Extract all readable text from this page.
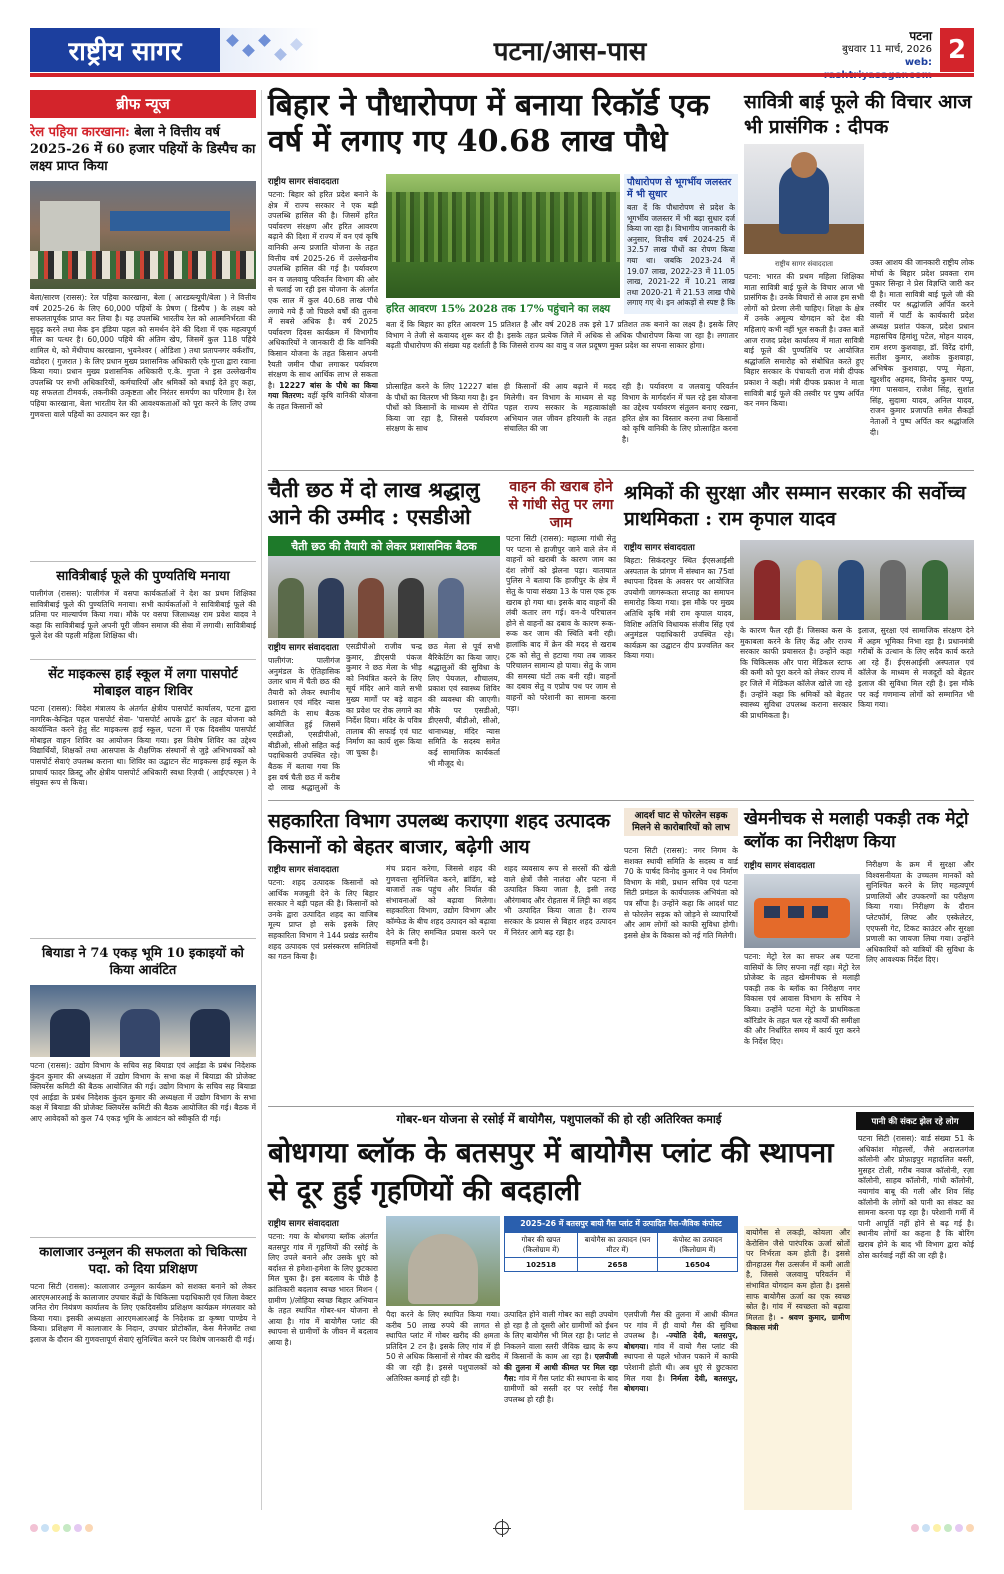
राष्ट्रीय सागर	पटना/आस-पास
पटना
बुधवार 11 मार्च, 2026
web: 2
ब्रीफ न्यूज
रेल पहिया कारखाना: बेला ने वित्तीय वर्ष 2025-26 में 60 हजार पहियों के डिस्पैच का लक्ष्य प्राप्त किया
बेला/सारण (रासस): रेल पहिया कारखाना, बेला ( आरडब्ल्यूपी/बेला ) ने वित्तीय वर्ष 2025-26 के लिए 60,000 पहियों के प्रेषण ( डिस्पैच ) के लक्ष्य को सफलतापूर्वक प्राप्त कर लिया है। यह उपलब्धि भारतीय रेल को आत्मनिर्भरता की सुदृढ़ करने तथा मेक इन इंडिया पहल को समर्थन देने की दिशा में एक महत्वपूर्ण मील का पत्थर है। 60,000 पहिये की अंतिम खेप, जिसमें कुल 118 पहिये शामिल थे, को मेंथीपाथ कारखाना, भुवनेश्वर ( ओडिशा ) तथा प्रतापनगर वर्कशॉप, वडोदरा ( गुजरात ) के लिए प्रधान मुख्य प्रशासनिक अधिकारी एके गुप्ता द्वारा रवाना किया गया। प्रधान मुख्य प्रशासनिक अधिकारी ए.के. गुप्ता ने इस उल्लेखनीय उपलब्धि पर सभी अधिकारियों, कर्मचारियों और श्रमिकों को बधाई देते हुए कहा, यह सफलता टीमवर्क, तकनीकी उत्कृष्टता और निरंतर समर्पण का परिणाम है। रेल पहिया कारखाना, बेला भारतीय रेल की आवश्यकताओं को पूरा करने के लिए उच्च गुणवत्ता वाले पहियों का उत्पादन कर रहा है।
सावित्रीबाई फूले की पुण्यतिथि मनाया
पालीगंज (रासस): पालीगंज में वसपा कार्यकर्ताओं ने देश का प्रथम शिक्षिका सावित्रीबाई फूले की पुण्यतिथि मनाया। सभी कार्यकर्ताओं ने सावित्रीबाई फूले की प्रतिमा पर माल्यार्पण किया गया। मौके पर वसपा जिलाध्यक्ष राम प्रवेश यादव ने कहा कि सावित्रीबाई फूले अपनी पूरी जीवन समाज की सेवा में लगायी। सावित्रीबाई फूले देश की पहली महिला शिक्षिका थी।
सेंट माइकल्स हाई स्कूल में लगा पासपोर्ट मोबाइल वाहन शिविर
पटना (रासस): विदेश मंत्रालय के अंतर्गत क्षेत्रीय पासपोर्ट कार्यालय, पटना द्वारा नागरिक-केन्द्रित पहल पासपोर्ट सेवा- 'पासपोर्ट आपके द्वार' के तहत योजना को कार्यान्वित करने हेतु सेंट माइकल्स हाई स्कूल, पटना में एक दिवसीय पासपोर्ट मोबाइल वाहन शिविर का आयोजन किया गया। इस विशेष शिविर का उद्देश्य विद्यार्थियों, शिक्षकों तथा आसपास के शैक्षणिक संस्थानों से जुड़े अभिभावकों को पासपोर्ट सेवाएं उपलब्ध कराना था। शिविर का उद्घाटन सेंट माइकल्स हाई स्कूल के प्राचार्य फादर क्रिस्टू और क्षेत्रीय पासपोर्ट अधिकारी स्वधा रिज़वी ( आईएफएस ) ने संयुक्त रूप से किया।
बियाडा ने 74 एकड़ भूमि 10 इकाइयों को किया आवंटित
पटना (रासस): उद्योग विभाग के सचिव सह बियाडा एवं आईडा के प्रबंध निदेशक कुंदन कुमार की अध्यक्षता में उद्योग विभाग के सभा कक्ष में बियाडा की प्रोजेक्ट क्लियरेंस कमिटी की बैठक आयोजित की गई। उद्योग विभाग के सचिव सह बियाडा एवं आईडा के प्रबंध निदेशक कुंदन कुमार की अध्यक्षता में उद्योग विभाग के सभा कक्ष में बियाडा की प्रोजेक्ट क्लियरेंस कमिटी की बैठक आयोजित की गई। बैठक में आए आवेदकों को कुल 74 एकड़ भूमि के आवंटन को स्वीकृति दी गई।
कालाजार उन्मूलन की सफलता को चिकित्सा पदा. को दिया प्रशिक्षण
पटना सिटी (रासस): कालाजार उन्मूलन कार्यक्रम को सशक्त बनाने को लेकर आरएमआरआई के कालाजार उपचार केंद्रों के चिकित्सा पदाधिकारी एवं जिला वेक्टर जनित रोग नियंत्रण कार्यालय के लिए एकदिवसीय प्रशिक्षण कार्यक्रम मंगलवार को किया गया। इसकी अध्यक्षता आरएमआरआई के निदेशक डा कृष्णा पाण्डेय ने किया। प्रशिक्षण में कालाजार के निदान, उपचार प्रोटोकॉल, केस मैनेजमेंट तथा इलाज के दौरान की गुणवत्तापूर्ण सेवाएं सुनिश्चित करने पर विशेष जानकारी दी गई।
बिहार ने पौधारोपण में बनाया रिकॉर्ड एक वर्ष में लगाए गए 40.68 लाख पौधे
राष्ट्रीय सागर संवाददाता
पटना: बिहार को हरित प्रदेश बनाने के क्षेत्र में राज्य सरकार ने एक बड़ी उपलब्धि हासिल की है। जिसमें हरित पर्यावरण संरक्षण और हरित आवरण बढ़ाने की दिशा में राज्य में वन एवं कृषि वानिकी अन्य प्रजाति योजना के तहत वित्तीय वर्ष 2025-26 में उल्लेखनीय उपलब्धि हासिल की गई है। पर्यावरण वन व जलवायु परिवर्तन विभाग की ओर से चलाई जा रही इस योजना के अंतर्गत एक साल में कुल 40.68 लाख पौधे लगाये गये हैं जो पिछले वर्षों की तुलना में सबसे अधिक है। वर्ष 2025 पर्यावरण दिवस कार्यक्रम में विभागीय अधिकारियों ने जानकारी दी कि वानिकी किसान योजना के तहत किसान अपनी रैयती जमीन पौधा लगाकर पर्यावरण संरक्षण के साथ आर्थिक लाभ ले सकता है। 12227 बांस के पौधे का किया गया वितरण: वहीं कृषि वानिकी योजना के तहत किसानों को
हरित आवरण 15% 2028 तक 17% पहुंचाने का लक्ष्य
बता दें कि बिहार का हरित आवरण 15 प्रतिशत है और वर्ष 2028 तक इसे 17 प्रतिशत तक बनाने का लक्ष्य है। इसके लिए विभाग ने तेजी से कवायद शुरू कर दी है। इसके तहत प्रत्येक जिले में अधिक से अधिक पौधारोपण किया जा रहा है। लगातार बढ़ती पौधारोपण की संख्या यह दर्शाती है कि जिससे राज्य का वायु व जल प्रदूषण मुक्त प्रदेश का सपना साकार होगा।
प्रोत्साहित करने के लिए 12227 बांस के पौधों का वितरण भी किया गया है। इन पौधों को किसानों के माध्यम से रोपित किया जा रहा है, जिससे पर्यावरण संरक्षण के साथ
ही किसानों की आय बढ़ाने में मदद मिलेगी। वन विभाग के माध्यम से यह पहल राज्य सरकार के महत्वाकांक्षी अभियान जल जीवन हरियाली के तहत संचालित की जा
रही है। पर्यावरण व जलवायु परिवर्तन विभाग के मार्गदर्शन में चल रहे इस योजना का उद्देश्य पर्यावरण संतुलन बनाए रखना, हरित क्षेत्र का विस्तार करना तथा किसानों को कृषि वानिकी के लिए प्रोत्साहित करना है।
पौधारोपण से भूगर्भीय जलस्तर में भी सुधार
बता दें कि पौधारोपण से प्रदेश के भूगर्भीय जलस्तर में भी बढ़ा सुधार दर्ज किया जा रहा है। विभागीय जानकारी के अनुसार, वित्तीय वर्ष 2024-25 में 32.57 लाख पौधों का रोपण किया गया था। जबकि 2023-24 में 19.07 लाख, 2022-23 में 11.05 लाख, 2021-22 में 10.21 लाख तथा 2020-21 में 21.53 लाख पौधे लगाए गए थे। इन आंकड़ों से स्पष्ट है कि
सावित्री बाई फूले की विचार आज भी प्रासंगिक : दीपक
राष्ट्रीय सागर संवाददाता
पटना: भारत की प्रथम महिला शिक्षिका माता सावित्री बाई फूले के विचार आज भी प्रासंगिक है। उनके विचारों से आज हम सभी लोगों को प्रेरणा लेनी चाहिए। शिक्षा के क्षेत्र में उनके अमूल्य योगदान को देश की महिलाएं कभी नहीं भूल सकती है। उक्त बातें आज राजद प्रदेश कार्यालय में माता सावित्री बाई फूले की पुण्यतिथि पर आयोजित श्रद्धांजलि समारोह को संबोधित करते हुए बिहार सरकार के पंचायती राज मंत्री दीपक प्रकाश ने कही। मंत्री दीपक प्रकाश ने माता सावित्री बाई फूले की तस्वीर पर पुष्प अर्पित कर नमन किया।
उक्त आशय की जानकारी राष्ट्रीय लोक मोर्चा के बिहार प्रदेश प्रवक्ता राम पुकार सिन्हा ने प्रेस विज्ञप्ति जारी कर दी है। माता सावित्री बाई फूले जी की तस्वीर पर श्रद्धांजलि अर्पित करने वालों में पार्टी के कार्यकारी प्रदेश अध्यक्ष प्रशांत पंकज, प्रदेश प्रधान महासचिव हिमांशु पटेल, मोहन यादव, राम शरण कुशवाहा, डॉ. विरेंद्र दांगी, सतीश कुमार, अशोक कुशवाहा, अभिषेक कुशवाहा, पप्पू मेहता, खुरशीद अहमद, विनोद कुमार पप्पू, गंगा पासवान, राजेश सिंह, सुशांत सिंह, सुदामा यादव, अनिल यादव, राजन कुमार प्रजापति समेत सैकड़ों नेताओं ने पुष्प अर्पित कर श्रद्धांजलि दी।
चैती छठ में दो लाख श्रद्धालु आने की उम्मीद : एसडीओ
चैती छठ की तैयारी को लेकर प्रशासनिक बैठक
राष्ट्रीय सागर संवाददाता
पालीगंज: पालीगंज अनुमंडल के ऐतिहासिक उलार धाम में चैती छठ की तैयारी को लेकर स्थानीय प्रशासन एवं मंदिर न्यास कमिटी के साथ बैठक आयोजित हुई जिसमें एसडीओ, एसडीपीओ, बीडीओ, सीओ सहित कई पदाधिकारी उपस्थित रहे। बैठक में बताया गया कि इस वर्ष चैती छठ में करीब दो लाख श्रद्धालुओं के
एसडीपीओ राजीव चन्द्र कुमार, डीएसपी पंकज कुमार ने छठ मेला के भीड़ को नियंत्रित करने के लिए सूर्य मंदिर आने वाले सभी मुख्य मार्गों पर बड़े वाहन का प्रवेश पर रोक लगाने का निर्देश दिया। मंदिर के पवित्र तालाब की सफाई एवं घाट निर्माण का कार्य शुरू किया जा चुका है।
छठ मेला से पूर्व सभी बैरिकेटिंग का किया जाए। श्रद्धालुओं की सुविधा के लिए पेयजल, शौचालय, प्रकाश एवं स्वास्थ्य शिविर की व्यवस्था की जाएगी। मौके पर एसडीओ, डीएसपी, बीडीओ, सीओ, थानाध्यक्ष, मंदिर न्यास समिति के सदस्य समेत कई सामाजिक कार्यकर्ता भी मौजूद थे।
वाहन की खराब होने से गांधी सेतु पर लगा जाम
पटना सिटी (रासस): महात्मा गांधी सेतु पर पटना से हाजीपुर जाने वाले लेन में वाहनों को खराबी के कारण जाम का दंश लोगों को झेलना पड़ा। यातायात पुलिस ने बताया कि हाजीपुर के क्षेत्र में सेतु के पाया संख्या 13 के पास एक ट्रक खराब हो गया था। इसके बाद वाहनों की लंबी कतार लग गई। वन-वे परिचालन होने से वाहनों का दबाव के कारण रूक-रूक कर जाम की स्थिति बनी रही। हालांकि बाद में क्रेन की मदद से खराब ट्रक को सेतु से हटाया गया तब जाकर परिचालन सामान्य हो पाया। सेतु के जाम की समस्या घंटों तक बनी रही। वाहनों का दबाव सेतु व एप्रोच पथ पर जाम से वाहनों को परेशानी का सामना करना पड़ा।
श्रमिकों की सुरक्षा और सम्मान सरकार की सर्वोच्च प्राथमिकता : राम कृपाल यादव
राष्ट्रीय सागर संवाददाता
बिहटा: सिकंदरपुर स्थित ईएसआईसी अस्पताल के प्रांगण में संस्थान का 75वां स्थापना दिवस के अवसर पर आयोजित उपयोगी जागरूकता सप्ताह का समापन समारोह किया गया। इस मौके पर मुख्य अतिथि कृषि मंत्री राम कृपाल यादव, विशिष्ट अतिथि विधायक संजीव सिंह एवं अनुमंडल पदाधिकारी उपस्थित रहे। कार्यक्रम का उद्घाटन दीप प्रज्वलित कर किया गया।
के कारण फैल रही हैं। जिसका कस के मुकाबला करने के लिए केंद्र और राज्य सरकार काफी प्रयासरत है। उन्होंने कहा कि चिकित्सक और पारा मेडिकल स्टाफ की कमी को पूरा करने को लेकर राज्य में हर जिले में मेडिकल कॉलेज खोले जा रहे हैं। उन्होंने कहा कि श्रमिकों को बेहतर स्वास्थ्य सुविधा उपलब्ध कराना सरकार की प्राथमिकता है।
इलाज, सुरक्षा एवं सामाजिक संरक्षण देने में अहम भूमिका निभा रहा है। प्रधानमंत्री गरीबों के उत्थान के लिए सदैव कार्य करते आ रहे हैं। ईएसआईसी अस्पताल एवं कॉलेज के माध्यम से मजदूरों को बेहतर इलाज की सुविधा मिल रही है। इस मौके पर कई गणमान्य लोगों को सम्मानित भी किया गया।
सहकारिता विभाग उपलब्ध कराएगा शहद उत्पादक किसानों को बेहतर बाजार, बढ़ेगी आय
राष्ट्रीय सागर संवाददाता
पटना: शहद उत्पादक किसानों को आर्थिक मजबूती देने के लिए बिहार सरकार ने बड़ी पहल की है। किसानों को उनके द्वारा उत्पादित शहद का वाजिब मूल्य प्राप्त हो सके इसके लिए सहकारिता विभाग ने 144 प्रखंड स्तरीय शहद उत्पादक एवं प्रसंस्करण समितियों का गठन किया है।
मंच प्रदान करेगा, जिससे शहद की गुणवत्ता सुनिश्चित करने, ब्रांडिंग, बड़े बाजारों तक पहुंच और निर्यात की संभावनाओं को बढ़ावा मिलेगा। सहकारिता विभाग, उद्योग विभाग और कॉम्फेड के बीच शहद उत्पादन को बढ़ावा देने के लिए समन्वित प्रयास करने पर सहमति बनी है।
शहद व्यवसाय रूप से सरसों की खेती वाले क्षेत्रों जैसे नालंदा और पटना में उत्पादित किया जाता है, इसी तरह औरंगाबाद और रोहतास में लिट्टी का शहद भी उत्पादित किया जाता है। राज्य सरकार के प्रयास से बिहार शहद उत्पादन में निरंतर आगे बढ़ रहा है।
आदर्श घाट से फोरलेन सड़क मिलने से कारोबारियों को लाभ
पटना सिटी (रासस): नगर निगम के सशक्त स्थायी समिति के सदस्य व वार्ड 70 के पार्षद विनोद कुमार ने पथ निर्माण विभाग के मंत्री, प्रधान सचिव एवं पटना सिटी प्रमंडल के कार्यपालक अभियंता को पत्र सौंपा है। उन्होंने कहा कि आदर्श घाट से फोरलेन सड़क को जोड़ने से व्यापारियों और आम लोगों को काफी सुविधा होगी। इससे क्षेत्र के विकास को नई गति मिलेगी।
खेमनीचक से मलाही पकड़ी तक मेट्रो ब्लॉक का निरीक्षण किया
राष्ट्रीय सागर संवाददाता
पटना: मेट्रो रेल का सफर अब पटना वासियों के लिए सपना नहीं रहा। मेट्रो रेल प्रोजेक्ट के तहत खेमनीचक से मलाही पकड़ी तक के ब्लॉक का निरीक्षण नगर विकास एवं आवास विभाग के सचिव ने किया। उन्होंने पटना मेट्रो के प्राथमिकता कॉरिडोर के तहत चल रहे कार्यों की समीक्षा की और निर्धारित समय में कार्य पूरा करने के निर्देश दिए।
निरीक्षण के क्रम में सुरक्षा और विश्वसनीयता के उच्चतम मानकों को सुनिश्चित करने के लिए महत्वपूर्ण प्रणालियों और उपकरणों का परीक्षण किया गया। निरीक्षण के दौरान प्लेटफॉर्म, लिफ्ट और एस्केलेटर, एएफसी गेट, टिकट काउंटर और सुरक्षा प्रणाली का जायजा लिया गया। उन्होंने अधिकारियों को यात्रियों की सुविधा के लिए आवश्यक निर्देश दिए।
गोबर-धन योजना से रसोई में बायोगैस, पशुपालकों की हो रही अतिरिक्त कमाई	पानी की संकट झेल रहे लोग
बोधगया ब्लॉक के बतसपुर में बायोगैस प्लांट की स्थापना से दूर हुई गृहणियों की बदहाली
राष्ट्रीय सागर संवाददाता
पटना: गया के बोधगया ब्लॉक अंतर्गत बतसपुर गांव में गृहणियों की रसोई के लिए उपले बनाने और उसके धुएं को बर्दाश्त से हमेशा-हमेशा के लिए छुटकारा मिल चुका है। इस बदलाव के पीछे है क्रांतिकारी बदलाव स्वच्छ भारत मिशन ( ग्रामीण )/लोहिया स्वच्छ बिहार अभियान के तहत स्थापित गोबर-धन योजना से आया है। गांव में बायोगैस प्लांट की स्थापना से ग्रामीणों के जीवन में बदलाव आया है।
2025-26 में बतसपुर बायो गैस प्लांट में उत्पादित गैस-जैविक कंपोस्ट
गोबर की खपत (किलोग्राम में)	बायोगैस का उत्पादन (घन मीटर में)	कंपोस्ट का उत्पादन (किलोग्राम में)
102518	2658	16504
पैदा करने के लिए स्थापित किया गया। करीब 50 लाख रुपये की लागत से स्थापित प्लांट में गोबर खरीद की क्षमता प्रतिदिन 2 टन है। इसके लिए गांव में ही 50 से अधिक किसानों से गोबर की खरीद की जा रही है। इससे पशुपालकों को अतिरिक्त कमाई हो रही है।
उत्पादित होने वाली गोबर का सही उपयोग हो रहा है तो दूसरी ओर ग्रामीणों को ईंधन के लिए बायोगैस भी मिल रहा है। प्लांट से निकलने वाला स्लरी जैविक खाद के रूप में किसानों के काम आ रहा है। एलपीजी की तुलना में आधी कीमत पर मिल रहा गैस: गांव में गैस प्लांट की स्थापना के बाद ग्रामीणों को सस्ती दर पर रसोई गैस उपलब्ध हो रही है।
एलपीजी गैस की तुलना में आधी कीमत पर गांव में ही वायो गैस की सुविधा उपलब्ध है। -ज्योति देवी, बतसपुर, बोधगया। गांव में वायो गैस प्लांट की स्थापना से पहले भोजन पकाने में काफी परेशानी होती थी। अब धुएं से छुटकारा मिल गया है। निर्मला देवी, बतसपुर, बोधगया।
बायोगैस से लकड़ी, कोयला और केरोसिन जैसे पारंपरिक ऊर्जा स्रोतों पर निर्भरता कम होती है। इससे ग्रीनहाउस गैस उत्सर्जन में कमी आती है, जिससे जलवायु परिवर्तन में संभावित योगदान कम होता है। इससे साफ बायोगैस ऊर्जा का एक स्वच्छ स्रोत है। गांव में स्वच्छता को बढ़ावा मिलता है। - श्रवण कुमार, ग्रामीण विकास मंत्री
पटना सिटी (रासस): वार्ड संख्या 51 के अधिकांश मोहल्लों, जैसे अदालतगंज कॉलोनी और प्रोफ़ाइपुर महादलित बस्ती, मुसहर टोली, गरीब नवाज कॉलोनी, रज़ा कॉलोनी, साहब कॉलोनी, गांधी कॉलोनी, नयागांव बाबू की गली और शिव सिंह कॉलोनी के लोगों को पानी का संकट का सामना करना पड़ रहा है। परेशानी गर्मी में पानी आपूर्ति नहीं होने से बढ़ गई है। स्थानीय लोगों का कहना है कि बोरिंग खराब होने के बाद भी विभाग द्वारा कोई ठोस कार्रवाई नहीं की जा रही है।
